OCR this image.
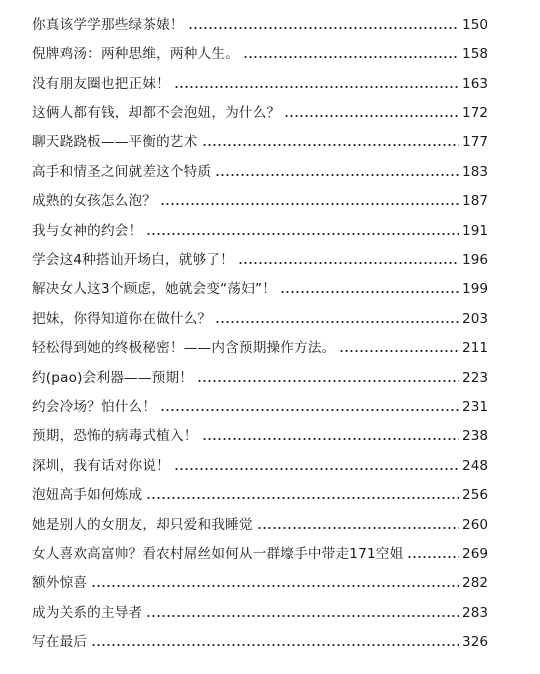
你真该学学那些绿茶婊！	150
倪牌鸡汤：两种思维，两种人生。	158
没有朋友圈也把正妹！	163
这俩人都有钱，却都不会泡妞，为什么？	172
聊天跷跷板——平衡的艺术	177
高手和情圣之间就差这个特质	183
成熟的女孩怎么泡？	187
我与女神的约会！	191
学会这4种搭讪开场白，就够了！	196
解决女人这3个顾虑，她就会变“荡妇”！	199
把妹，你得知道你在做什么？	203
轻松得到她的终极秘密！——内含预期操作方法。	211
约(pao)会利器——预期！	223
约会冷场？怕什么！	231
预期，恐怖的病毒式植入！	238
深圳，我有话对你说！	248
泡妞高手如何炼成	256
她是别人的女朋友，却只爱和我睡觉	260
女人喜欢高富帅？看农村屌丝如何从一群壕手中带走171空姐	269
额外惊喜	282
成为关系的主导者	283
写在最后	326
